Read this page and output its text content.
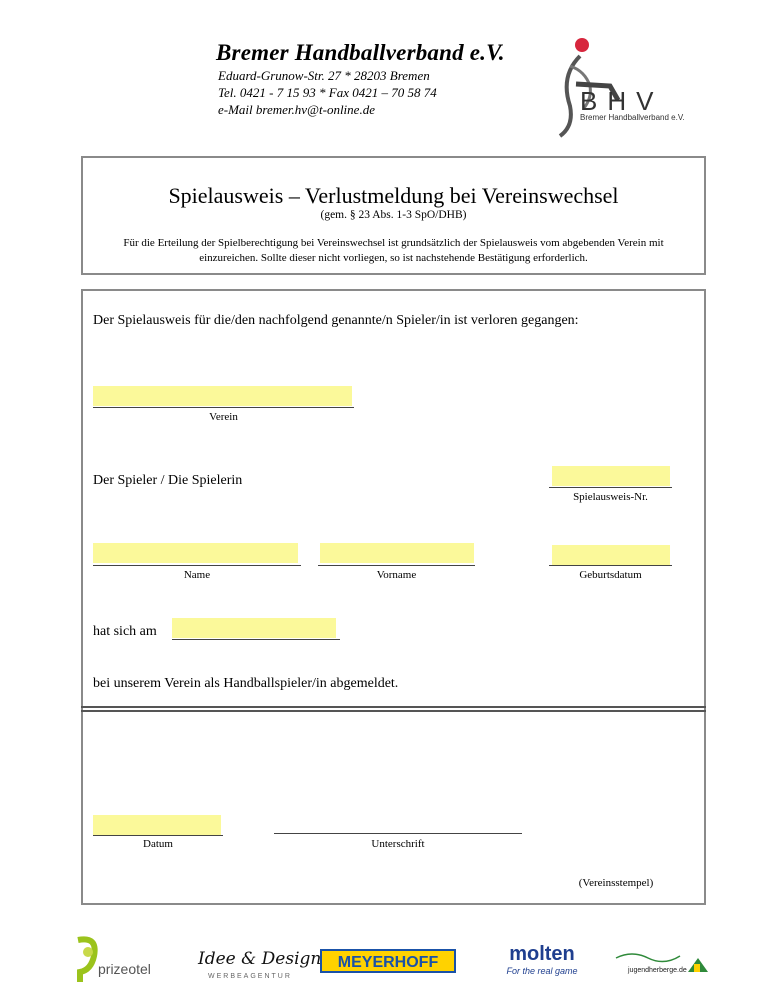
Bremer Handballverband e.V.
Eduard-Grunow-Str. 27 * 28203 Bremen
Tel. 0421 - 7 15 93 * Fax 0421 – 70 58 74
e-Mail bremer.hv@t-online.de	BHV
Bremer Handballverband e.V.
Spielausweis – Verlustmeldung bei Vereinswechsel
(gem. § 23 Abs. 1-3 SpO/DHB)
Für die Erteilung der Spielberechtigung bei Vereinswechsel ist grundsätzlich der Spielausweis vom abgebenden Verein mit einzureichen. Sollte dieser nicht vorliegen, so ist nachstehende Bestätigung erforderlich.
Der Spielausweis für die/den nachfolgend genannte/n Spieler/in ist verloren gegangen:
Verein
Der Spieler / Die Spielerin
Spielausweis-Nr.
Name	Vorname	Geburtsdatum
hat sich am
bei unserem Verein als Handballspieler/in abgemeldet.
Datum	Unterschrift
(Vereinsstempel)
prizeotel	Idee & Design
WERBEAGENTUR
MEYERHOFF	molten
For the real game	jugendherberge.de
